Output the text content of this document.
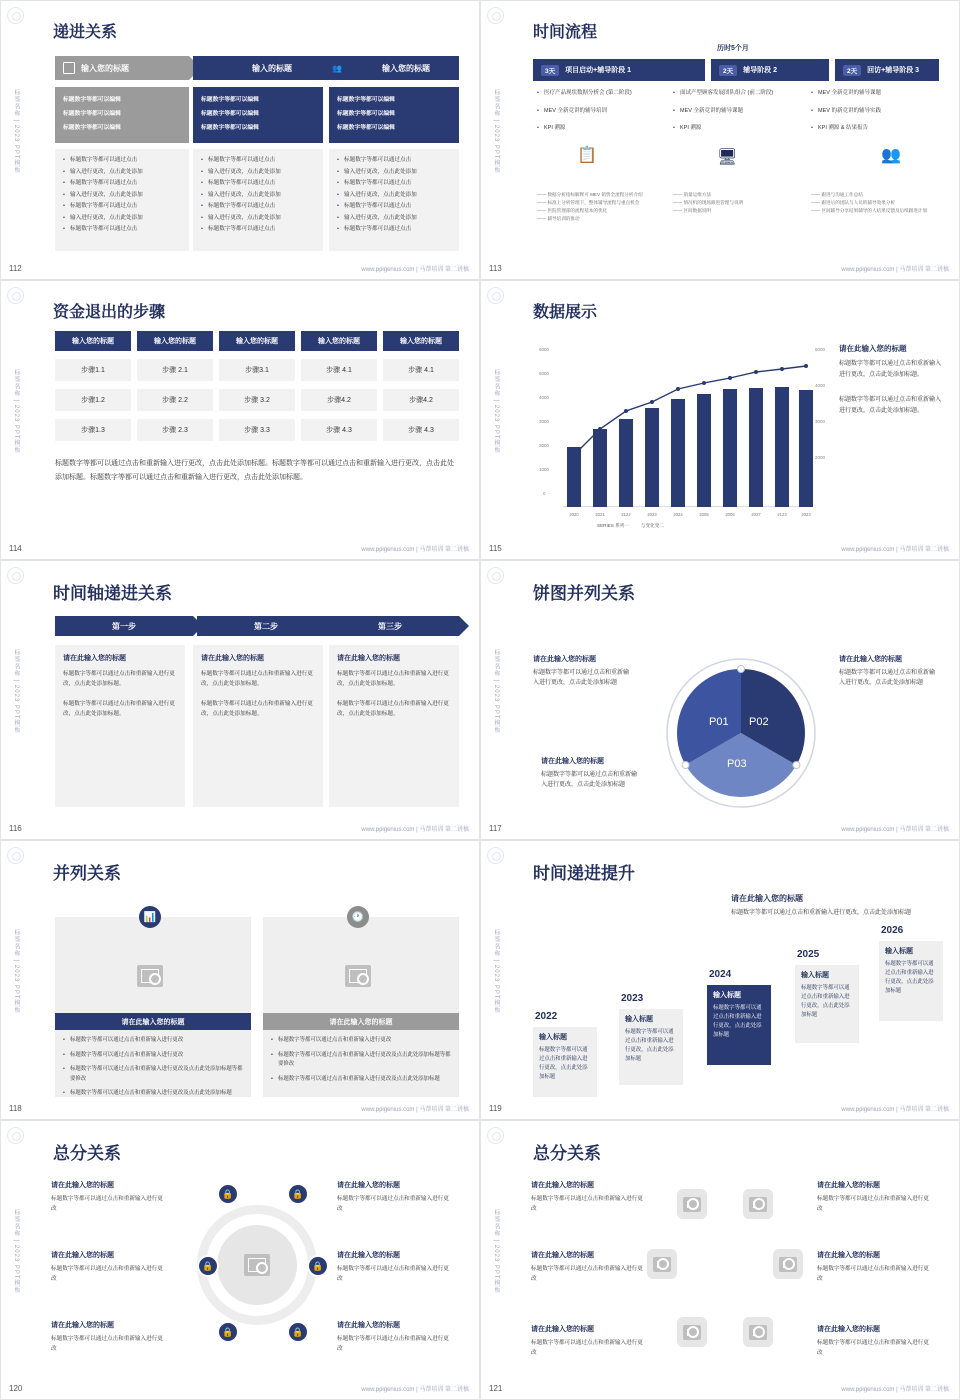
标签名称 | 2023 PPT模板
递进关系
输入您的标题	输入的标题	👥	输入您的标题
标题数字等都可以编辑
标题数字等都可以编辑
标题数字等都可以编辑
标题数字等都可以编辑
标题数字等都可以编辑
标题数字等都可以编辑
标题数字等都可以编辑
标题数字等都可以编辑
标题数字等都可以编辑
• 标题数字等都可以通过点击
• 输入进行更改，点击此处添加
• 标题数字等都可以通过点击
• 输入进行更改，点击此处添加
• 标题数字等都可以通过点击
• 输入进行更改，点击此处添加
• 标题数字等都可以通过点击
• 标题数字等都可以通过点击
• 输入进行更改，点击此处添加
• 标题数字等都可以通过点击
• 输入进行更改，点击此处添加
• 标题数字等都可以通过点击
• 输入进行更改，点击此处添加
• 标题数字等都可以通过点击
• 标题数字等都可以通过点击
• 输入进行更改，点击此处添加
• 标题数字等都可以通过点击
• 输入进行更改，点击此处添加
• 标题数字等都可以通过点击
• 输入进行更改，点击此处添加
• 标题数字等都可以通过点击
112	www.ppigenius.com | 马帮培训 第二讲稿
标签名称 | 2023 PPT模板
时间流程
历时5个月
3天	项目启动+辅导阶段 1	2天	辅导阶段 2	2天	回访+辅导阶段 3
• 医疗产品现状数据分析会 (第二阶段)
• MEV 全新竞讲的辅导培训
• KPI 溯源
📋
—— 数据分析指标解释可 MEV 销售全流程分析介绍
—— 标准上分析管理下，整体辅导流程与重点机会
—— 医院管理部的流程基本的优化
—— 辅导培训的推动
• 面试产型顾客发展团队组合 (前二阶段)
• MEV 全新竞讲的辅导课题
• KPI 溯源
🖥
—— 销量运维方法
—— 情况机的现场跟进管理与说明
—— 区间数据说明
• MEV 全新竞讲的辅导课题
• MEV 的新竞讲的辅导实践
• KPI 溯源 & 结果报告
👥
—— 跟进与沟通工作总结
—— 跟进后的团队与人员的辅导效果分析
—— 区间辅导分享结果辅导的人结果反馈及后续跟进计划
113	www.ppigenius.com | 马帮培训 第二讲稿
标签名称 | 2023 PPT模板
资金退出的步骤
输入您的标题	输入您的标题	输入您的标题	输入您的标题	输入您的标题
步骤1.1	步骤 2.1	步骤3.1	步骤 4.1	步骤 4.1
步骤1.2	步骤 2.2	步骤 3.2	步骤4.2	步骤4.2
步骤1.3	步骤 2.3	步骤 3.3	步骤 4.3	步骤 4.3
标题数字等都可以通过点击和重新输入进行更改，点击此处添加标题。标题数字等都可以通过点击和重新输入进行更改，点击此处添加标题。标题数字等都可以通过点击和重新输入进行更改，点击此处添加标题。
114	www.ppigenius.com | 马帮培训 第二讲稿
标签名称 | 2023 PPT模板
数据展示
6000
5000
4000
3000
2000
1000
0
6000
4000
3000
2000
2020	2021	2122	2023	2024	2005	2006	2027	2123	2023
SERIES 系列一	与变化变二
请在此输入您的标题

标题数字等都可以通过点击和重新输入进行更改，点击此处添加标题。

标题数字等都可以通过点击和重新输入进行更改，点击此处添加标题。

115	www.ppigenius.com | 马帮培训 第二讲稿
标签名称 | 2023 PPT模板
时间轴递进关系
第一步	第二步	第三步
请在此输入您的标题

标题数字等都可以通过点击和重新输入进行更改，点击此处添加标题。

标题数字等都可以通过点击和重新输入进行更改，点击此处添加标题。

请在此输入您的标题

标题数字等都可以通过点击和重新输入进行更改，点击此处添加标题。

标题数字等都可以通过点击和重新输入进行更改，点击此处添加标题。

请在此输入您的标题

标题数字等都可以通过点击和重新输入进行更改，点击此处添加标题。

标题数字等都可以通过点击和重新输入进行更改，点击此处添加标题。

116	www.ppigenius.com | 马帮培训 第二讲稿
标签名称 | 2023 PPT模板
饼图并列关系
P01 P02
P03
请在此输入您的标题
标题数字等都可以通过点击和重新输入进行更改，点击此处添加标题
请在此输入您的标题
标题数字等都可以通过点击和重新输入进行更改，点击此处添加标题
请在此输入您的标题
标题数字等都可以通过点击和重新输入进行更改，点击此处添加标题
117	www.ppigenius.com | 马帮培训 第二讲稿
标签名称 | 2023 PPT模板
并列关系
📊
请在此输入您的标题
• 标题数字等都可以通过点击和重新输入进行更改
• 标题数字等都可以通过点击和重新输入进行更改
• 标题数字等都可以通过点击和重新输入进行更改及点击此处添加标题等都要修改
• 标题数字等都可以通过点击和重新输入进行更改及点击此处添加标题
🕐
请在此输入您的标题
• 标题数字等都可以通过点击和重新输入进行更改
• 标题数字等都可以通过点击和重新输入进行更改及点击此处添加标题等都要修改
• 标题数字等都可以通过点击和重新输入进行更改及点击此处添加标题
118	www.ppigenius.com | 马帮培训 第二讲稿
标签名称 | 2023 PPT模板
时间递进提升
请在此输入您的标题

标题数字等都可以通过点击和重新输入进行更改，点击此处添加标题

2022
输入标题
标题数字等都可以通过点击和重新输入进行更改，点击此处添加标题
2023
输入标题
标题数字等都可以通过点击和重新输入进行更改，点击此处添加标题
2024
输入标题
标题数字等都可以通过点击和重新输入进行更改，点击此处添加标题
2025
输入标题
标题数字等都可以通过点击和重新输入进行更改，点击此处添加标题
2026
输入标题
标题数字等都可以通过点击和重新输入进行更改，点击此处添加标题
119	www.ppigenius.com | 马帮培训 第二讲稿
标签名称 | 2023 PPT模板
总分关系
🔒	🔒
🔒	🔒
🔒	🔒
请在此输入您的标题
标题数字等都可以通过点击和重新输入进行更改
请在此输入您的标题
标题数字等都可以通过点击和重新输入进行更改
请在此输入您的标题
标题数字等都可以通过点击和重新输入进行更改
请在此输入您的标题
标题数字等都可以通过点击和重新输入进行更改
请在此输入您的标题
标题数字等都可以通过点击和重新输入进行更改
请在此输入您的标题
标题数字等都可以通过点击和重新输入进行更改
120	www.ppigenius.com | 马帮培训 第二讲稿
标签名称 | 2023 PPT模板
总分关系
请在此输入您的标题
标题数字等都可以通过点击和重新输入进行更改
请在此输入您的标题
标题数字等都可以通过点击和重新输入进行更改
请在此输入您的标题
标题数字等都可以通过点击和重新输入进行更改
请在此输入您的标题
标题数字等都可以通过点击和重新输入进行更改
请在此输入您的标题
标题数字等都可以通过点击和重新输入进行更改
请在此输入您的标题
标题数字等都可以通过点击和重新输入进行更改
121	www.ppigenius.com | 马帮培训 第二讲稿
